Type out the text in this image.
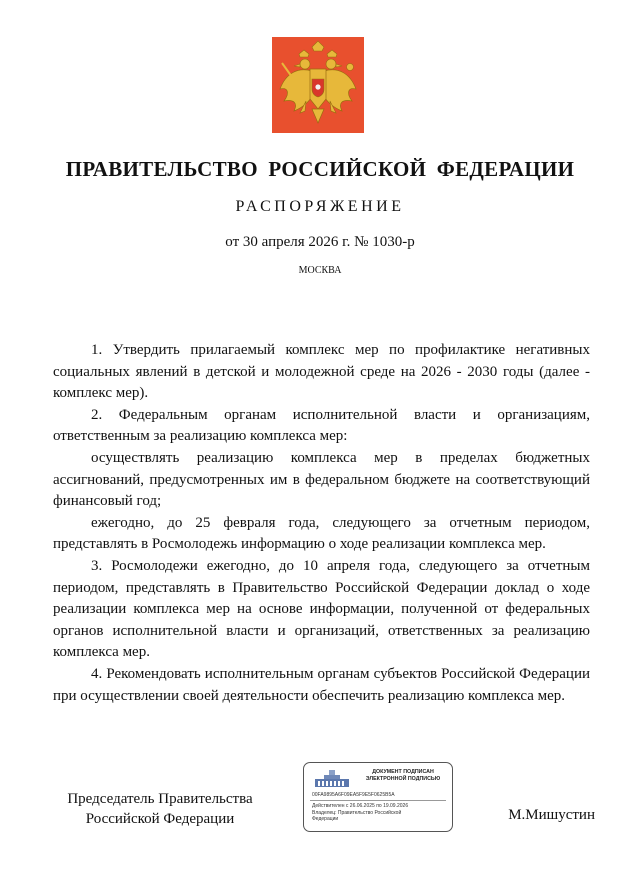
ПРАВИТЕЛЬСТВО РОССИЙСКОЙ ФЕДЕРАЦИИ
РАСПОРЯЖЕНИЕ
от 30 апреля 2026 г. № 1030-р
МОСКВА

1. Утвердить прилагаемый комплекс мер по профилактике негативных социальных явлений в детской и молодежной среде на 2026 - 2030 годы (далее - комплекс мер).

2. Федеральным органам исполнительной власти и организациям, ответственным за реализацию комплекса мер:

осуществлять реализацию комплекса мер в пределах бюджетных ассигнований, предусмотренных им в федеральном бюджете на соответствующий финансовый год;

ежегодно, до 25 февраля года, следующего за отчетным периодом, представлять в Росмолодежь информацию о ходе реализации комплекса мер.

3. Росмолодежи ежегодно, до 10 апреля года, следующего за отчетным периодом, представлять в Правительство Российской Федерации доклад о ходе реализации комплекса мер на основе информации, полученной от федеральных органов исполнительной власти и организаций, ответственных за реализацию комплекса мер.

4. Рекомендовать исполнительным органам субъектов Российской Федерации при осуществлении своей деятельности обеспечить реализацию комплекса мер.

Председатель Правительства
Российской Федерации
ДОКУМЕНТ ПОДПИСАН
ЭЛЕКТРОННОЙ ПОДПИСЬЮ
00FA9895A6F09EA5F9E5F0625B5A
Действителен с 26.06.2025 по 19.09.2026
Владелец: Правительство Российской
Федерации	М.Мишустин
